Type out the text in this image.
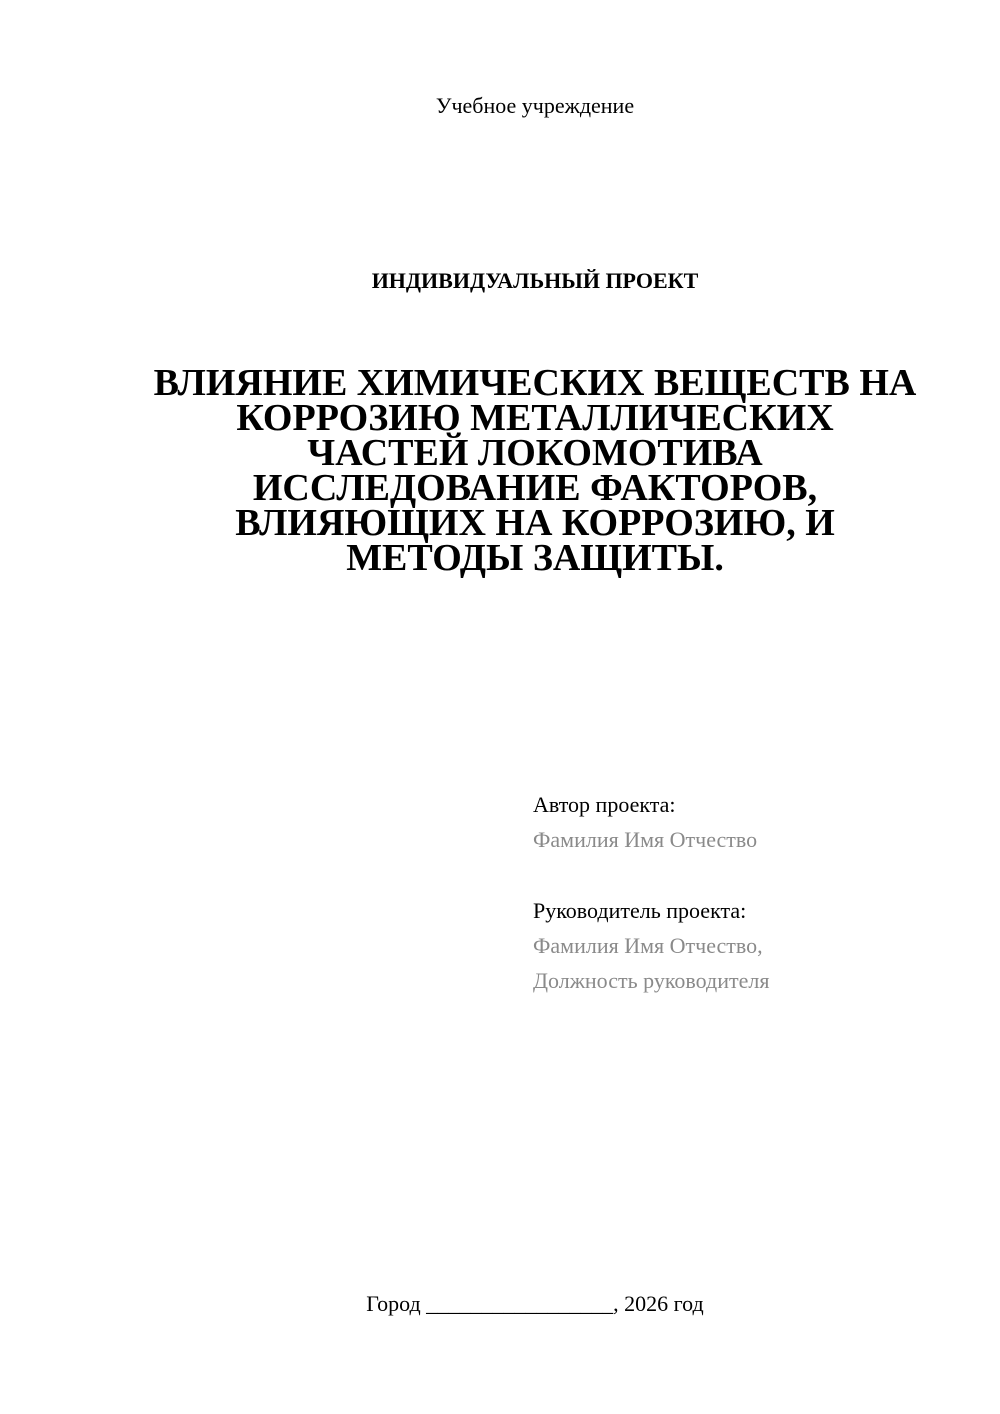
Учебное учреждение
ИНДИВИДУАЛЬНЫЙ ПРОЕКТ
ВЛИЯНИЕ ХИМИЧЕСКИХ ВЕЩЕСТВ НА
КОРРОЗИЮ МЕТАЛЛИЧЕСКИХ
ЧАСТЕЙ ЛОКОМОТИВА
ИССЛЕДОВАНИЕ ФАКТОРОВ,
ВЛИЯЮЩИХ НА КОРРОЗИЮ, И
МЕТОДЫ ЗАЩИТЫ.
Автор проекта:
Фамилия Имя Отчество
Руководитель проекта:
Фамилия Имя Отчество,
Должность руководителя
Город _________________, 2026 год
